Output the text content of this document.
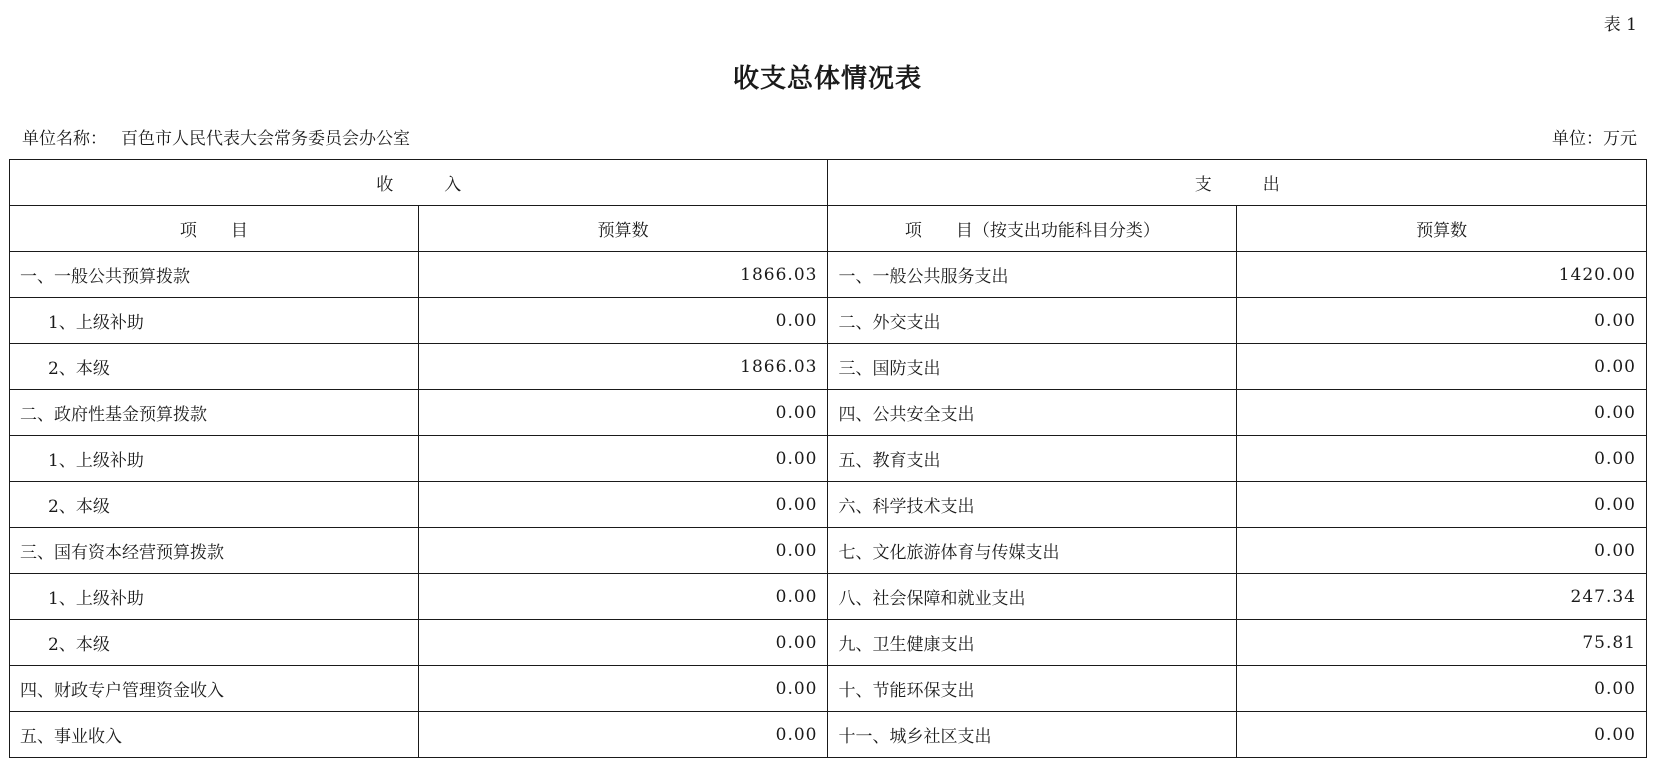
表 1
收支总体情况表
单位名称： 百色市人民代表大会常务委员会办公室	单位：万元
收　　　入		支　　　出	
项　　目	预算数	项　　目（按支出功能科目分类）	预算数
一、一般公共预算拨款	1866.03	一、一般公共服务支出	1420.00
1、上级补助	0.00	二、外交支出	0.00
2、本级	1866.03	三、国防支出	0.00
二、政府性基金预算拨款	0.00	四、公共安全支出	0.00
1、上级补助	0.00	五、教育支出	0.00
2、本级	0.00	六、科学技术支出	0.00
三、国有资本经营预算拨款	0.00	七、文化旅游体育与传媒支出	0.00
1、上级补助	0.00	八、社会保障和就业支出	247.34
2、本级	0.00	九、卫生健康支出	75.81
四、财政专户管理资金收入	0.00	十、节能环保支出	0.00
五、事业收入	0.00	十一、城乡社区支出	0.00
